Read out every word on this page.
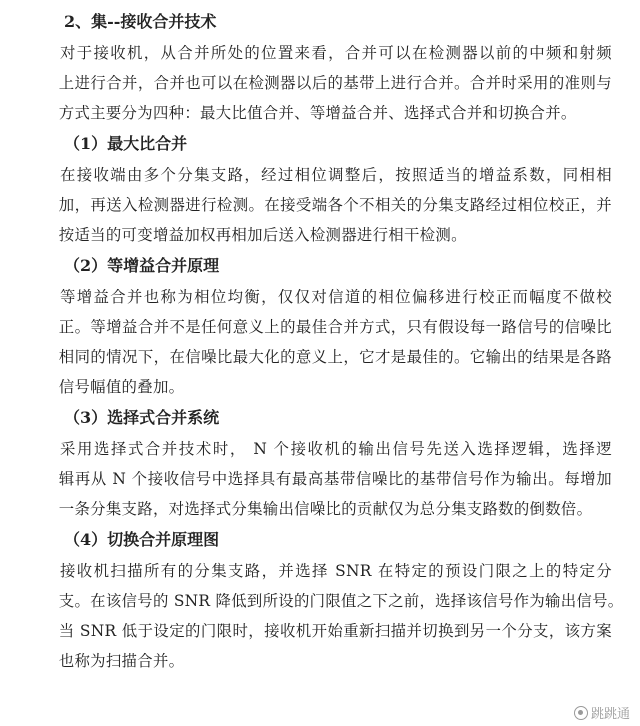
2、集--接收合并技术
对于接收机，从合并所处的位置来看，合并可以在检测器以前的中频和射频
上进行合并，合并也可以在检测器以后的基带上进行合并。合并时采用的准则与
方式主要分为四种：最大比值合并、等增益合并、选择式合并和切换合并。
（1）最大比合并
在接收端由多个分集支路，经过相位调整后，按照适当的增益系数，同相相
加，再送入检测器进行检测。在接受端各个不相关的分集支路经过相位校正，并
按适当的可变增益加权再相加后送入检测器进行相干检测。
（2）等增益合并原理
等增益合并也称为相位均衡，仅仅对信道的相位偏移进行校正而幅度不做校
正。等增益合并不是任何意义上的最佳合并方式，只有假设每一路信号的信噪比
相同的情况下，在信噪比最大化的意义上，它才是最佳的。它输出的结果是各路
信号幅值的叠加。
（3）选择式合并系统
采用选择式合并技术时， N 个接收机的输出信号先送入选择逻辑，选择逻
辑再从 N 个接收信号中选择具有最高基带信噪比的基带信号作为输出。每增加
一条分集支路，对选择式分集输出信噪比的贡献仅为总分集支路数的倒数倍。
（4）切换合并原理图
接收机扫描所有的分集支路，并选择 SNR 在特定的预设门限之上的特定分
支。在该信号的 SNR 降低到所设的门限值之下之前，选择该信号作为输出信号。
当 SNR 低于设定的门限时，接收机开始重新扫描并切换到另一个分支，该方案
也称为扫描合并。
跳跳通
